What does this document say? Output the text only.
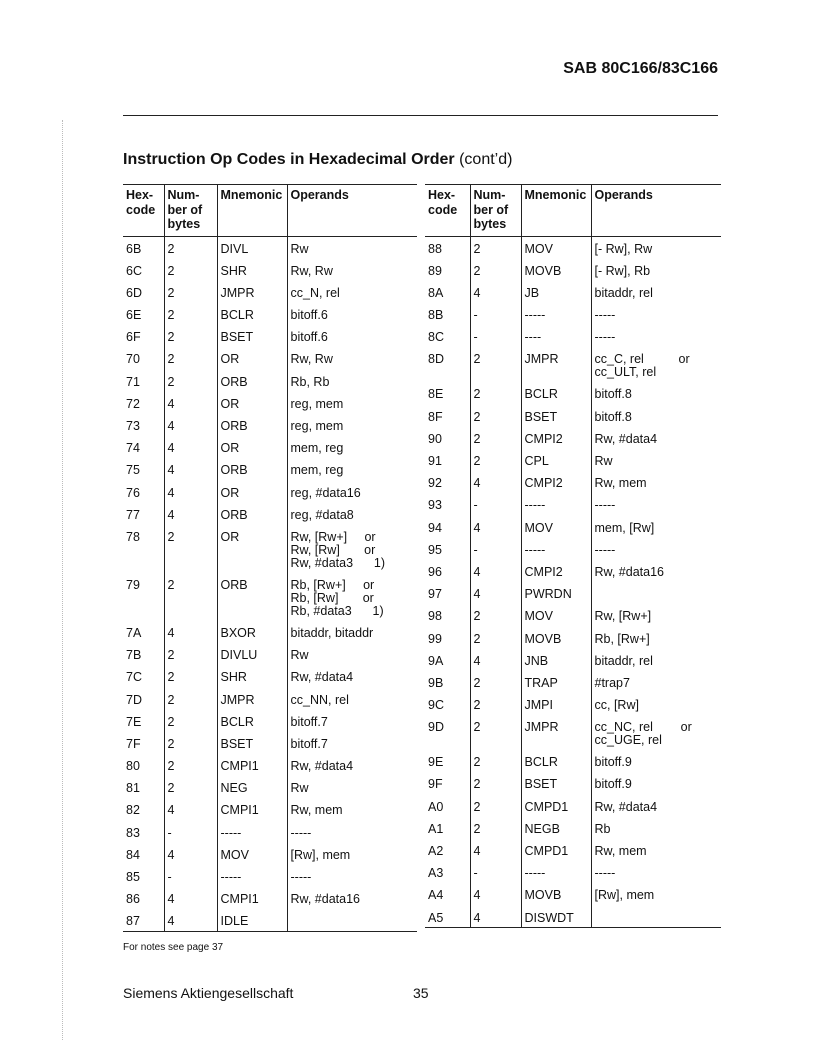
SAB 80C166/83C166
Instruction Op Codes in Hexadecimal Order (cont’d)
Hex-
code	Num-
ber of
bytes	Mnemonic	Operands
6B	2	DIVL	Rw
6C	2	SHR	Rw, Rw
6D	2	JMPR	cc_N, rel
6E	2	BCLR	bitoff.6
6F	2	BSET	bitoff.6
70	2	OR	Rw, Rw
71	2	ORB	Rb, Rb
72	4	OR	reg, mem
73	4	ORB	reg, mem
74	4	OR	mem, reg
75	4	ORB	mem, reg
76	4	OR	reg, #data16
77	4	ORB	reg, #data8
78	2	OR	Rw, [Rw+]     or
Rw, [Rw]       or
Rw, #data3      1)
79	2	ORB	Rb, [Rw+]     or
Rb, [Rw]       or
Rb, #data3      1)
7A	4	BXOR	bitaddr, bitaddr
7B	2	DIVLU	Rw
7C	2	SHR	Rw, #data4
7D	2	JMPR	cc_NN, rel
7E	2	BCLR	bitoff.7
7F	2	BSET	bitoff.7
80	2	CMPI1	Rw, #data4
81	2	NEG	Rw
82	4	CMPI1	Rw, mem
83	-	-----	-----
84	4	MOV	[Rw], mem
85	-	-----	-----
86	4	CMPI1	Rw, #data16
87	4	IDLE	
Hex-
code	Num-
ber of
bytes	Mnemonic	Operands
88	2	MOV	[- Rw], Rw
89	2	MOVB	[- Rw], Rb
8A	4	JB	bitaddr, rel
8B	-	-----	-----
8C	-	----	-----
8D	2	JMPR	cc_C, rel          or
cc_ULT, rel
8E	2	BCLR	bitoff.8
8F	2	BSET	bitoff.8
90	2	CMPI2	Rw, #data4
91	2	CPL	Rw
92	4	CMPI2	Rw, mem
93	-	-----	-----
94	4	MOV	mem, [Rw]
95	-	-----	-----
96	4	CMPI2	Rw, #data16
97	4	PWRDN	
98	2	MOV	Rw, [Rw+]
99	2	MOVB	Rb, [Rw+]
9A	4	JNB	bitaddr, rel
9B	2	TRAP	#trap7
9C	2	JMPI	cc, [Rw]
9D	2	JMPR	cc_NC, rel        or
cc_UGE, rel
9E	2	BCLR	bitoff.9
9F	2	BSET	bitoff.9
A0	2	CMPD1	Rw, #data4
A1	2	NEGB	Rb
A2	4	CMPD1	Rw, mem
A3	-	-----	-----
A4	4	MOVB	[Rw], mem
A5	4	DISWDT	
For notes see page 37
Siemens Aktiengesellschaft	35
